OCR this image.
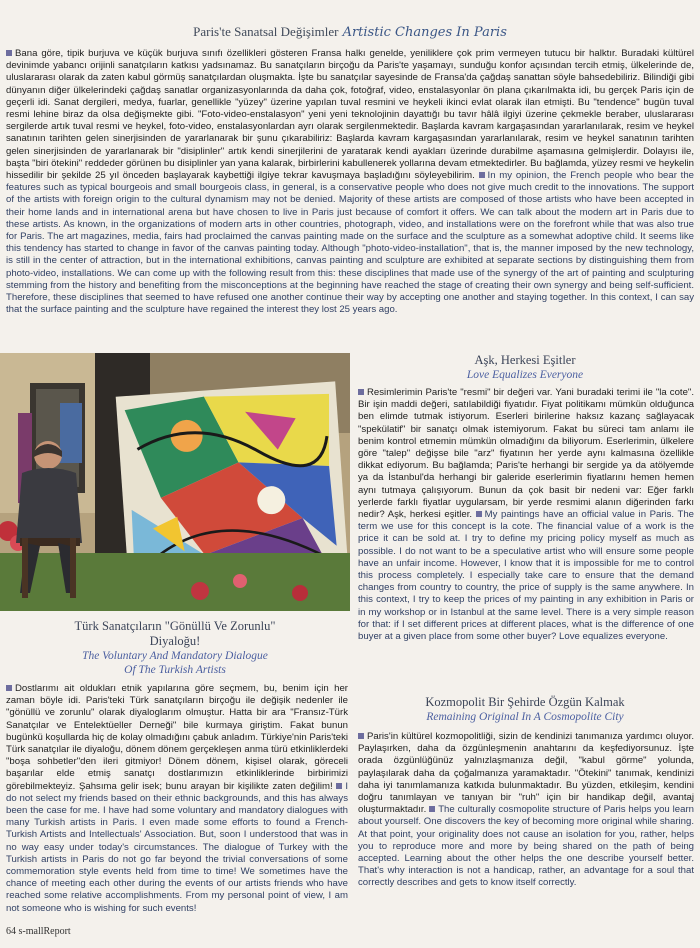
Paris'te Sanatsal Değişimler Artistic Changes In Paris
Bana göre, tipik burjuva ve küçük burjuva sınıfı özellikleri gösteren Fransa halkı genelde, yeniliklere çok prim vermeyen tutucu bir halktır. Buradaki kültürel devinimde yabancı orijinli sanatçıların katkısı yadsınamaz. Bu sanatçıların birçoğu da Paris'te yaşamayı, sunduğu konfor açısından tercih etmiş, ülkelerinde de, uluslararası olarak da zaten kabul görmüş sanatçılardan oluşmakta. İşte bu sanatçılar sayesinde de Fransa'da çağdaş sanattan söyle bahsedebiliriz. Bilindiği gibi dünyanın diğer ülkelerindeki çağdaş sanatlar organizasyonlarında da daha çok, fotoğraf, video, enstalasyonlar ön plana çıkarılmakta idi, bu gerçek Paris için de geçerli idi. Sanat dergileri, medya, fuarlar, genellikle "yüzey" üzerine yapılan tuval resmini ve heykeli ikinci evlat olarak ilan etmişti. Bu "tendence" bugün tuval resmi lehine biraz da olsa değişmekte gibi. "Foto-video-enstalasyon" yeni yeni teknolojinin dayattığı bu tavır hâlâ ilgiyi üzerine çekmekle beraber, uluslararası sergilerde artık tuval resmi ve heykel, foto-video, enstalasyonlardan ayrı olarak sergilenmektedir. Başlarda kavram kargaşasından yararlanılarak, resim ve heykel sanatının tarihten gelen sinerjisinden de yararlanarak bir şunu çıkarabiliriz: Başlarda kavram kargaşasından yararlanılarak, resim ve heykel sanatının tarihten gelen sinerjisinden de yararlanarak bir "disiplinler" artık kendi sinerjilerini de yaratarak kendi ayakları üzerinde durabilme aşamasına gelmişlerdir. Dolayısı ile, başta "biri ötekini" reddeder görünen bu disiplinler yan yana kalarak, birbirlerini kabullenerek yollarına devam etmektedirler. Bu bağlamda, yüzey resmi ve heykelin hissedilir bir şekilde 25 yıl önceden başlayarak kaybettiği ilgiye tekrar kavuşmaya başladığını söyleyebilirim. In my opinion, the French people who bear the features such as typical bourgeois and small bourgeois class, in general, is a conservative people who does not give much credit to the innovations. The support of the artists with foreign origin to the cultural dynamism may not be denied. Majority of these artists are composed of those artists who have been accepted in their home lands and in international arena but have chosen to live in Paris just because of comfort it offers. We can talk about the modern art in Paris due to these artists. As known, in the organizations of modern arts in other countries, photograph, video, and installations were on the forefront while that was also true for Paris. The art magazines, media, fairs had proclaimed the canvas painting made on the surface and the sculpture as a somewhat adoptive child. It seems like this tendency has started to change in favor of the canvas painting today. Although "photo-video-installation", that is, the manner imposed by the new technology, is still in the center of attraction, but in the international exhibitions, canvas painting and sculpture are exhibited at separate sections by distinguishing them from photo-video, installations. We can come up with the following result from this: these disciplines that made use of the synergy of the art of painting and sculpturing stemming from the history and benefiting from the misconceptions at the beginning have reached the stage of creating their own synergy and being self-sufficient. Therefore, these disciplines that seemed to have refused one another continue their way by accepting one another and staying together. In this context, I can say that the surface painting and the sculpture have regained the interest they lost 25 years ago.
Aşk, Herkesi Eşitler
Love Equalizes Everyone
Resimlerimin Paris'te "resmi" bir değeri var. Yani buradaki terimi ile "la cote". Bir işin maddi değeri, satılabildiği fiyatıdır. Fiyat politikamı mümkün olduğunca ben elimde tutmak istiyorum. Eserleri birilerine haksız kazanç sağlayacak "spekülatif" bir sanatçı olmak istemiyorum. Fakat bu süreci tam anlamı ile benim kontrol etmemin mümkün olmadığını da biliyorum. Eserlerimin, ülkelere göre "talep" değişse bile "arz" fiyatının her yerde aynı kalmasına özellikle dikkat ediyorum. Bu bağlamda; Paris'te herhangi bir sergide ya da atölyemde ya da İstanbul'da herhangi bir galeride eserlerimin fiyatlarını hemen hemen aynı tutmaya çalışıyorum. Bunun da çok basit bir nedeni var: Eğer farklı yerlerde farklı fiyatlar uygularsam, bir yerde resmimi alanın diğerinden farkı nedir? Aşk, herkesi eşitler. My paintings have an official value in Paris. The term we use for this concept is la cote. The financial value of a work is the price it can be sold at. I try to define my pricing policy myself as much as possible. I do not want to be a speculative artist who will ensure some people have an unfair income. However, I know that it is impossible for me to control this process completely. I especially take care to ensure that the demand changes from country to country, the price of supply is the same anywhere. In this context, I try to keep the prices of my painting in any exhibition in Paris or in my workshop or in Istanbul at the same level. There is a very simple reason for that: if I set different prices at different places, what is the difference of one buyer at a given place from some other buyer? Love equalizes everyone.
Türk Sanatçıların "Gönüllü Ve Zorunlu"
Diyaloğu!
The Voluntary And Mandatory Dialogue
Of The Turkish Artists
Dostlarımı ait oldukları etnik yapılarına göre seçmem, bu, benim için her zaman böyle idi. Paris'teki Türk sanatçıların birçoğu ile değişik nedenler ile "gönüllü ve zorunlu" olarak diyaloglarım olmuştur. Hatta bir ara "Fransız-Türk Sanatçılar ve Entelektüeller Derneği" bile kurmaya giriştim. Fakat bunun bugünkü koşullarda hiç de kolay olmadığını çabuk anladım. Türkiye'nin Paris'teki Türk sanatçılar ile diyaloğu, dönem dönem gerçekleşen anma türü etkinliklerdeki "boşa sohbetler"den ileri gitmiyor! Dönem dönem, kişisel olarak, göreceli başarılar elde etmiş sanatçı dostlarımızın etkinliklerinde birbirimizi görebilmekteyiz. Şahsıma gelir isek; bunu arayan bir kişilikte zaten değilim! I do not select my friends based on their ethnic backgrounds, and this has always been the case for me. I have had some voluntary and mandatory dialogues with many Turkish artists in Paris. I even made some efforts to found a French-Turkish Artists and Intellectuals' Association. But, soon I understood that was in no way easy under today's circumstances. The dialogue of Turkey with the Turkish artists in Paris do not go far beyond the trivial conversations of some commemoration style events held from time to time! We sometimes have the chance of meeting each other during the events of our artists friends who have reached some relative accomplishments. From my personal point of view, I am not someone who is wishing for such events!
Kozmopolit Bir Şehirde Özgün Kalmak
Remaining Original In A Cosmopolite City
Paris'in kültürel kozmopolitliği, sizin de kendinizi tanımanıza yardımcı oluyor. Paylaşırken, daha da özgünleşmenin anahtarını da keşfediyorsunuz. İşte orada özgünlüğünüz yalnızlaşmanıza değil, "kabul görme" yolunda, paylaşılarak daha da çoğalmanıza yaramaktadır. "Ötekini" tanımak, kendinizi daha iyi tanımlamanıza katkıda bulunmaktadır. Bu yüzden, etkileşim, kendini doğru tanımlayan ve tanıyan bir "ruh" için bir handikap değil, avantaj oluşturmaktadır. The culturally cosmopolite structure of Paris helps you learn about yourself. One discovers the key of becoming more original while sharing. At that point, your originality does not cause an isolation for you, rather, helps you to reproduce more and more by being shared on the path of being accepted. Learning about the other helps the one describe yourself better. That's why interaction is not a handicap, rather, an advantage for a soul that correctly describes and gets to know itself correctly.
64 s-mallReport
